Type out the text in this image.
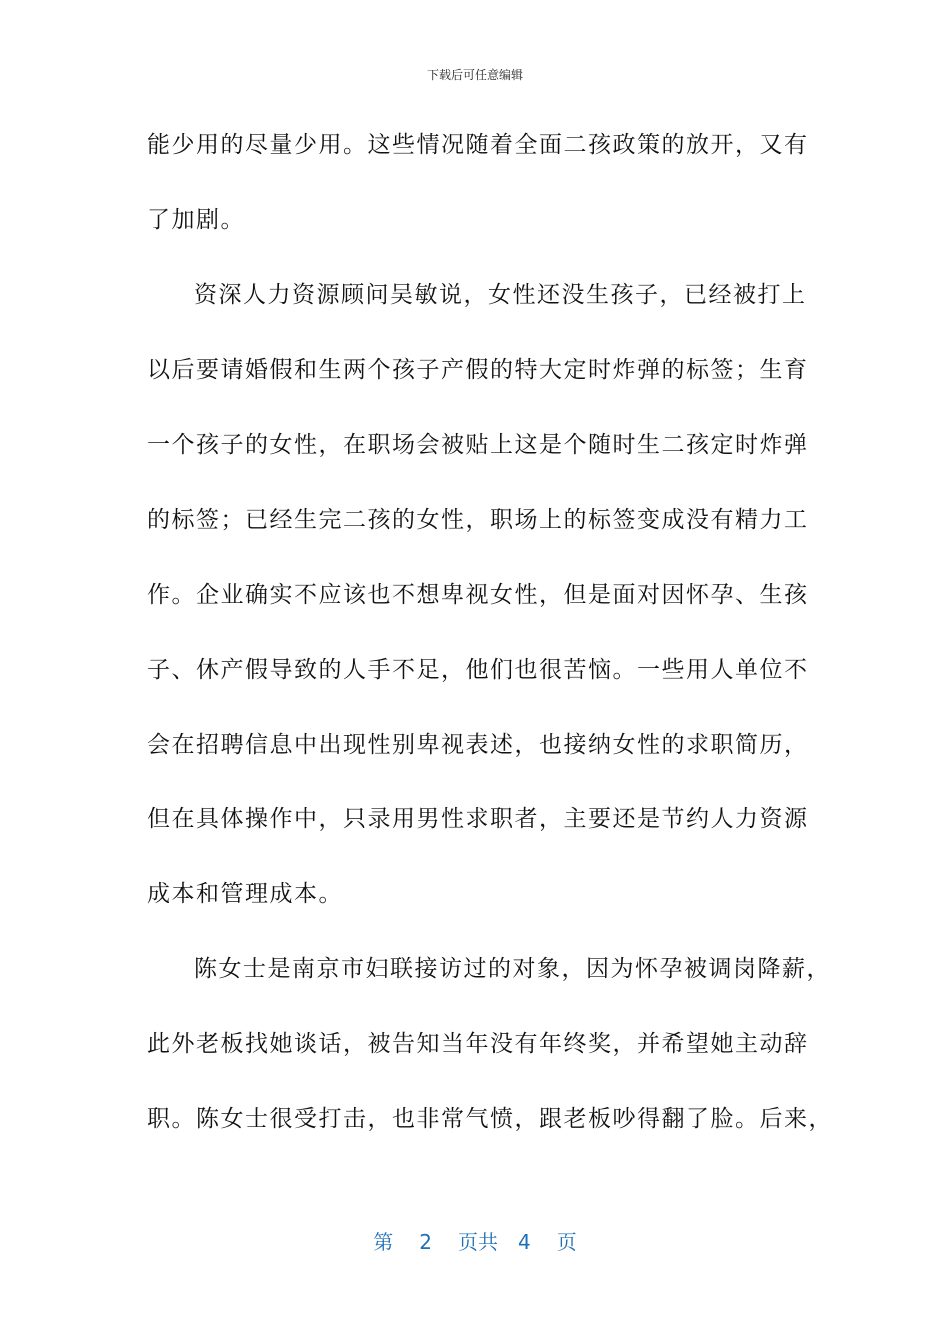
下载后可任意编辑
能少用的尽量少用。这些情况随着全面二孩政策的放开，又有
了加剧。
资深人力资源顾问吴敏说，女性还没生孩子，已经被打上
以后要请婚假和生两个孩子产假的特大定时炸弹的标签；生育
一个孩子的女性，在职场会被贴上这是个随时生二孩定时炸弹
的标签；已经生完二孩的女性，职场上的标签变成没有精力工
作。企业确实不应该也不想卑视女性，但是面对因怀孕、生孩
子、休产假导致的人手不足，他们也很苦恼。一些用人单位不
会在招聘信息中出现性别卑视表述，也接纳女性的求职简历，
但在具体操作中，只录用男性求职者，主要还是节约人力资源
成本和管理成本。
陈女士是南京市妇联接访过的对象，因为怀孕被调岗降薪，
此外老板找她谈话，被告知当年没有年终奖，并希望她主动辞
职。陈女士很受打击，也非常气愤，跟老板吵得翻了脸。后来，
第 2 页共 4 页
